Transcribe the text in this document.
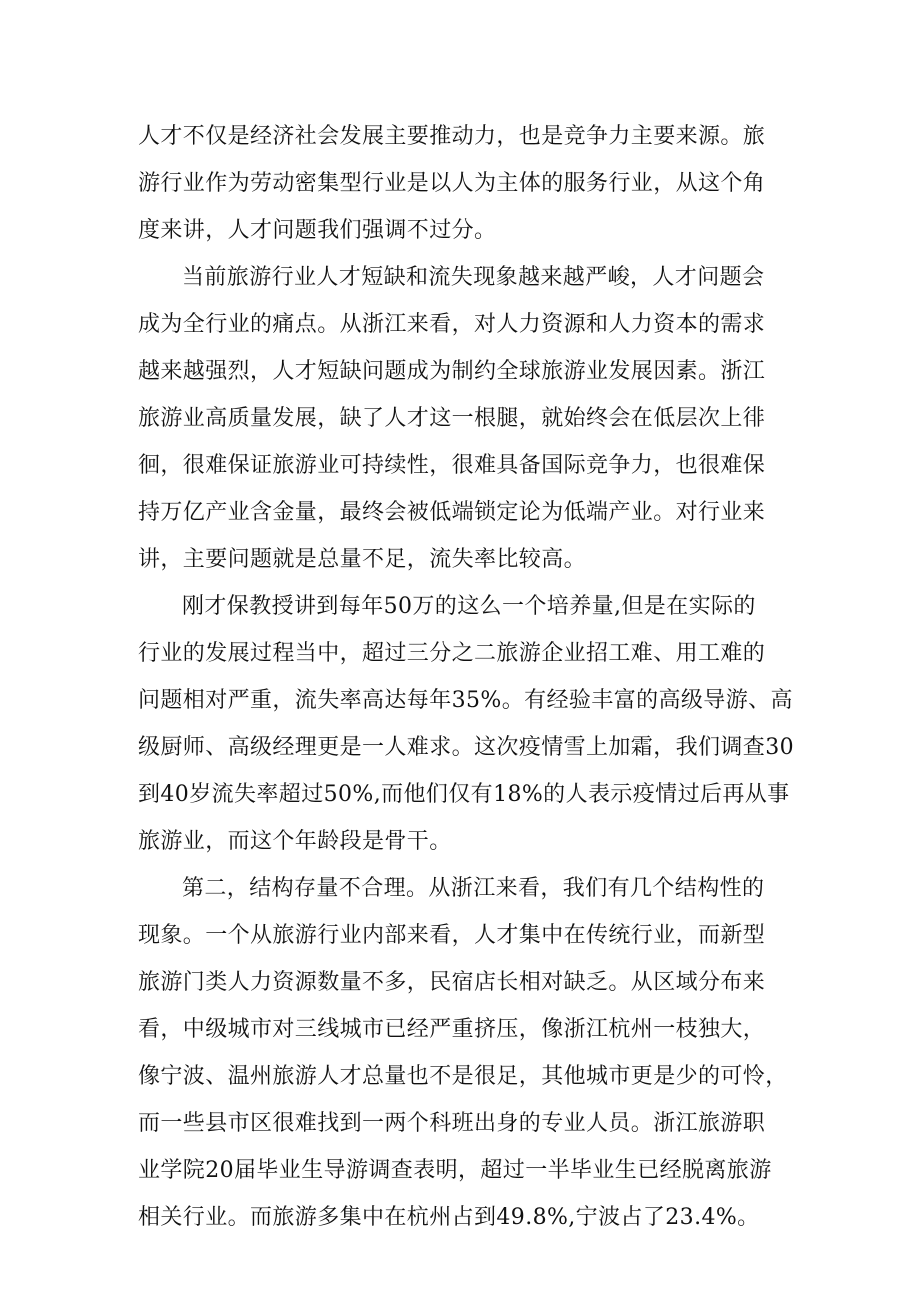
人才不仅是经济社会发展主要推动力，也是竞争力主要来源。旅
游行业作为劳动密集型行业是以人为主体的服务行业，从这个角
度来讲，人才问题我们强调不过分。
当前旅游行业人才短缺和流失现象越来越严峻，人才问题会
成为全行业的痛点。从浙江来看，对人力资源和人力资本的需求
越来越强烈，人才短缺问题成为制约全球旅游业发展因素。浙江
旅游业高质量发展，缺了人才这一根腿，就始终会在低层次上徘
徊，很难保证旅游业可持续性，很难具备国际竞争力，也很难保
持万亿产业含金量，最终会被低端锁定论为低端产业。对行业来
讲，主要问题就是总量不足，流失率比较高。
刚才保教授讲到每年50万的这么一个培养量,但是在实际的
行业的发展过程当中，超过三分之二旅游企业招工难、用工难的
问题相对严重，流失率高达每年35%。有经验丰富的高级导游、高
级厨师、高级经理更是一人难求。这次疫情雪上加霜，我们调查30
到40岁流失率超过50%,而他们仅有18%的人表示疫情过后再从事
旅游业，而这个年龄段是骨干。
第二，结构存量不合理。从浙江来看，我们有几个结构性的
现象。一个从旅游行业内部来看，人才集中在传统行业，而新型
旅游门类人力资源数量不多，民宿店长相对缺乏。从区域分布来
看，中级城市对三线城市已经严重挤压，像浙江杭州一枝独大，
像宁波、温州旅游人才总量也不是很足，其他城市更是少的可怜，
而一些县市区很难找到一两个科班出身的专业人员。浙江旅游职
业学院20届毕业生导游调查表明，超过一半毕业生已经脱离旅游
相关行业。而旅游多集中在杭州占到49.8%,宁波占了23.4%。
